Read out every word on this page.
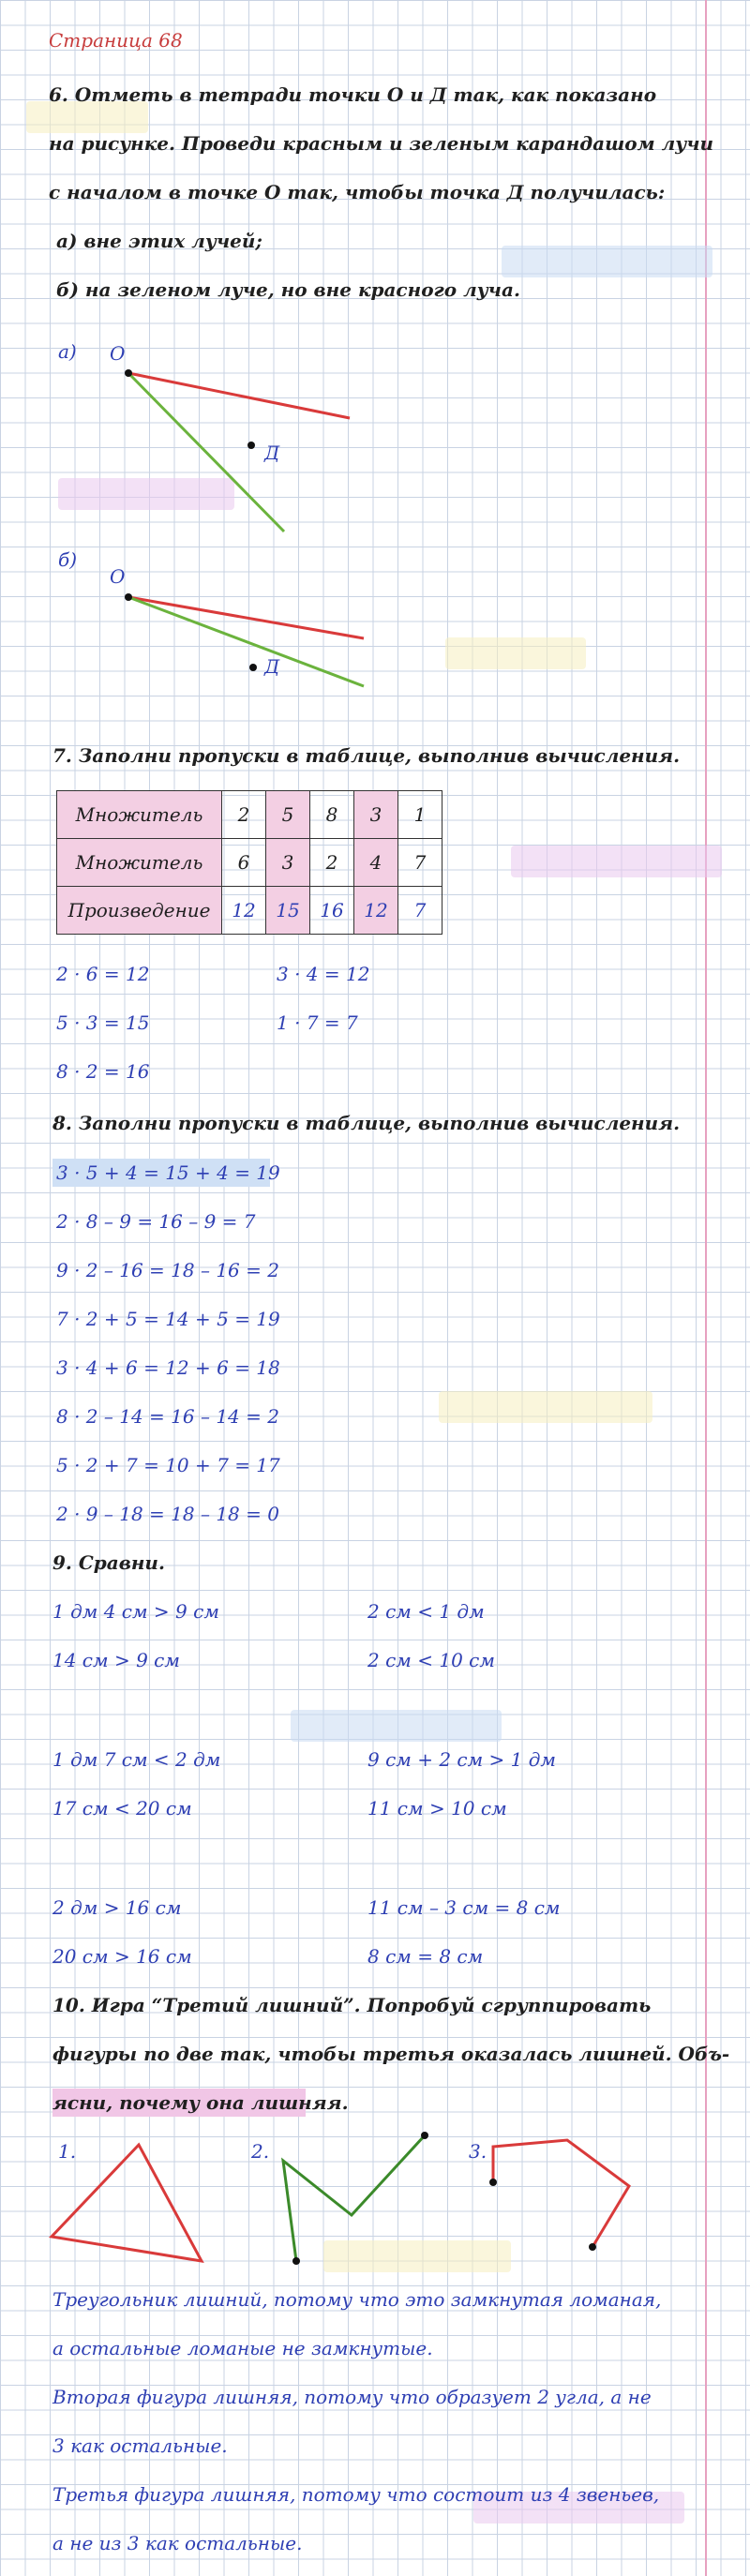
Страница 68
6. Отметь в тетради точки О и Д так, как показано
на рисунке. Проведи красным и зеленым карандашом лучи
с началом в точке О так, чтобы точка Д получилась:
а) вне этих лучей;
б) на зеленом луче, но вне красного луча.
а) О
Д
б)
О
Д
7. Заполни пропуски в таблице, выполнив вычисления.
Множитель	2	5	8	3	1
Множитель	6	3	2	4	7
Произведение	12	15	16	12	7
2 · 6 = 12
5 · 3 = 15
8 · 2 = 16
3 · 4 = 12
1 · 7 = 7
8. Заполни пропуски в таблице, выполнив вычисления.
3 · 5 + 4 = 15 + 4 = 19
2 · 8 – 9 = 16 – 9 = 7
9 · 2 – 16 = 18 – 16 = 2
7 · 2 + 5 = 14 + 5 = 19
3 · 4 + 6 = 12 + 6 = 18
8 · 2 – 14 = 16 – 14 = 2
5 · 2 + 7 = 10 + 7 = 17
2 · 9 – 18 = 18 – 18 = 0
9. Сравни.
1 дм 4 см > 9 см
14 см > 9 см
1 дм 7 см < 2 дм
17 см < 20 см
2 дм > 16 см
20 см > 16 см
2 см < 1 дм
2 см < 10 см
9 см + 2 см > 1 дм
11 см > 10 см
11 см – 3 см = 8 см
8 см = 8 см
10. Игра “Третий лишний”. Попробуй сгруппировать
фигуры по две так, чтобы третья оказалась лишней. Объ-
ясни, почему она лишняя.
1.	2.	3.
Треугольник лишний, потому что это замкнутая ломаная,
а остальные ломаные не замкнутые.
Вторая фигура лишняя, потому что образует 2 угла, а не
3 как остальные.
Третья фигура лишняя, потому что состоит из 4 звеньев,
а не из 3 как остальные.
